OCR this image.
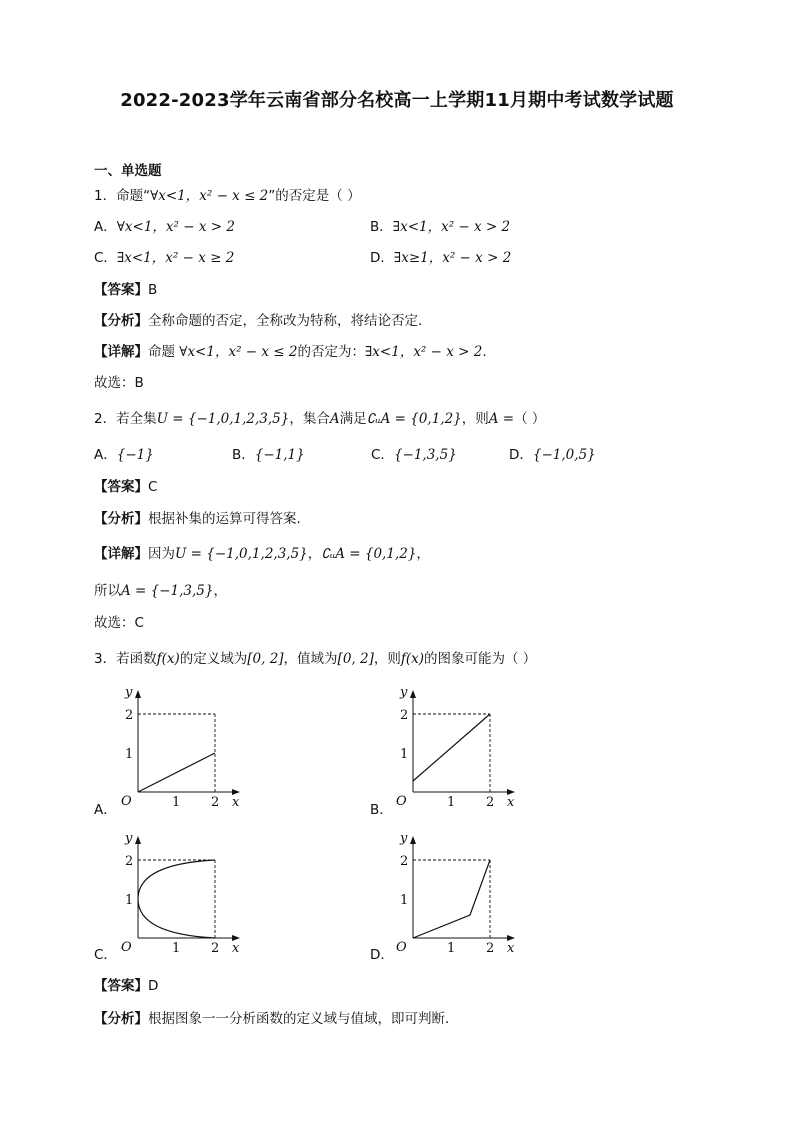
2022-2023学年云南省部分名校高一上学期11月期中考试数学试题
一、单选题
1．命题“∀x<1，x² − x ≤ 2”的否定是（ ）
A．∀x<1，x² − x > 2	B．∃x<1，x² − x > 2
C．∃x<1，x² − x ≥ 2	D．∃x≥1，x² − x > 2
【答案】B
【分析】全称命题的否定，全称改为特称，将结论否定.
【详解】命题 ∀x<1，x² − x ≤ 2的否定为：∃x<1，x² − x > 2.
故选：B
2．若全集U = {−1,0,1,2,3,5}，集合A满足∁ᵤA = {0,1,2}，则A =（ ）
A．{−1}	B．{−1,1}	C．{−1,3,5}	D．{−1,0,5}
【答案】C
【分析】根据补集的运算可得答案.
【详解】因为U = {−1,0,1,2,3,5}，∁ᵤA = {0,1,2}，
所以A = {−1,3,5}，
故选：C
3．若函数f(x)的定义域为[0, 2]，值域为[0, 2]，则f(x)的图象可能为（ ）
A．	B．
C．	D．
y
x
O
2
1
1 2
y
x
O
2
1
1 2
y
x
O
2
1
1 2
y
x
O
2
1
1 2
【答案】D
【分析】根据图象一一分析函数的定义域与值域，即可判断.
